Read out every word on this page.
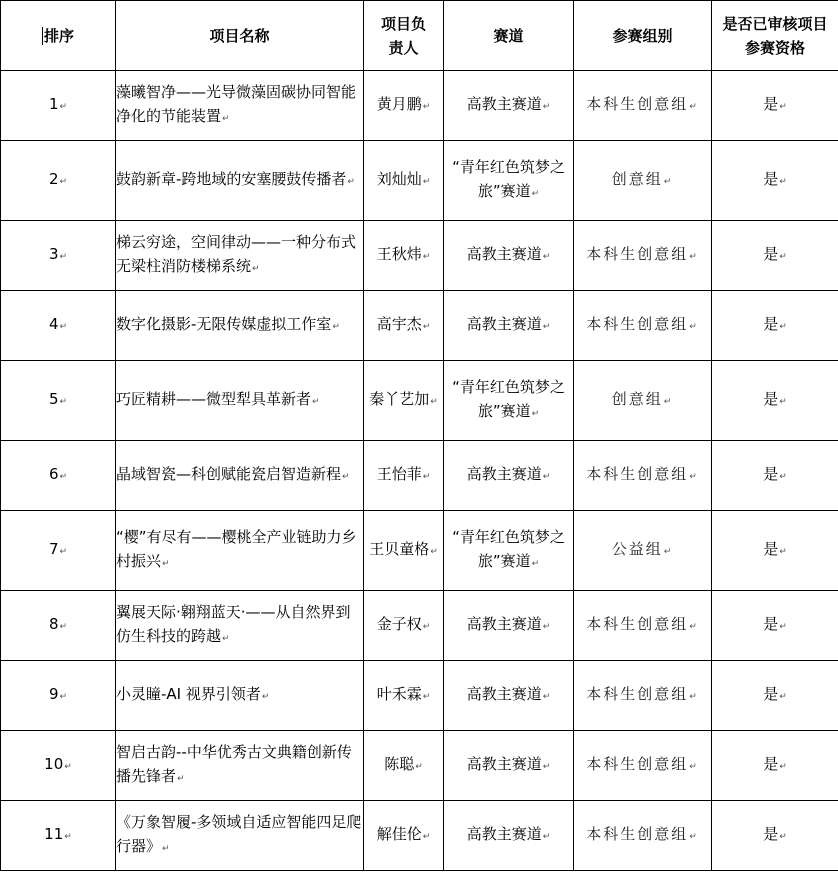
排序	项目名称	项目负责人	赛道	参赛组别	是否已审核项目参赛资格
1↵	藻曦智净——光导微藻固碳协同智能净化的节能装置↵	黄月鹏↵	高教主赛道↵	本科生创意组↵	是↵
2↵	鼓韵新章-跨地域的安塞腰鼓传播者↵	刘灿灿↵	“青年红色筑梦之旅”赛道↵	创意组↵	是↵
3↵	梯云穷途，空间律动——一种分布式无梁柱消防楼梯系统↵	王秋炜↵	高教主赛道↵	本科生创意组↵	是↵
4↵	数字化摄影-无限传媒虚拟工作室↵	高宇杰↵	高教主赛道↵	本科生创意组↵	是↵
5↵	巧匠精耕——微型犁具革新者↵	秦丫艺加↵	“青年红色筑梦之旅”赛道↵	创意组↵	是↵
6↵	晶域智瓷—科创赋能瓷启智造新程↵	王怡菲↵	高教主赛道↵	本科生创意组↵	是↵
7↵	“樱”有尽有——樱桃全产业链助力乡村振兴↵	王贝童格↵	“青年红色筑梦之旅”赛道↵	公益组↵	是↵
8↵	翼展天际·翱翔蓝天·——从自然界到仿生科技的跨越↵	金子权↵	高教主赛道↵	本科生创意组↵	是↵
9↵	小灵瞳-AI 视界引领者↵	叶禾霖↵	高教主赛道↵	本科生创意组↵	是↵
10↵	智启古韵--中华优秀古文典籍创新传播先锋者↵	陈聪↵	高教主赛道↵	本科生创意组↵	是↵
11↵	《万象智履-多领域自适应智能四足爬行器》↵	解佳伦↵	高教主赛道↵	本科生创意组↵	是↵
